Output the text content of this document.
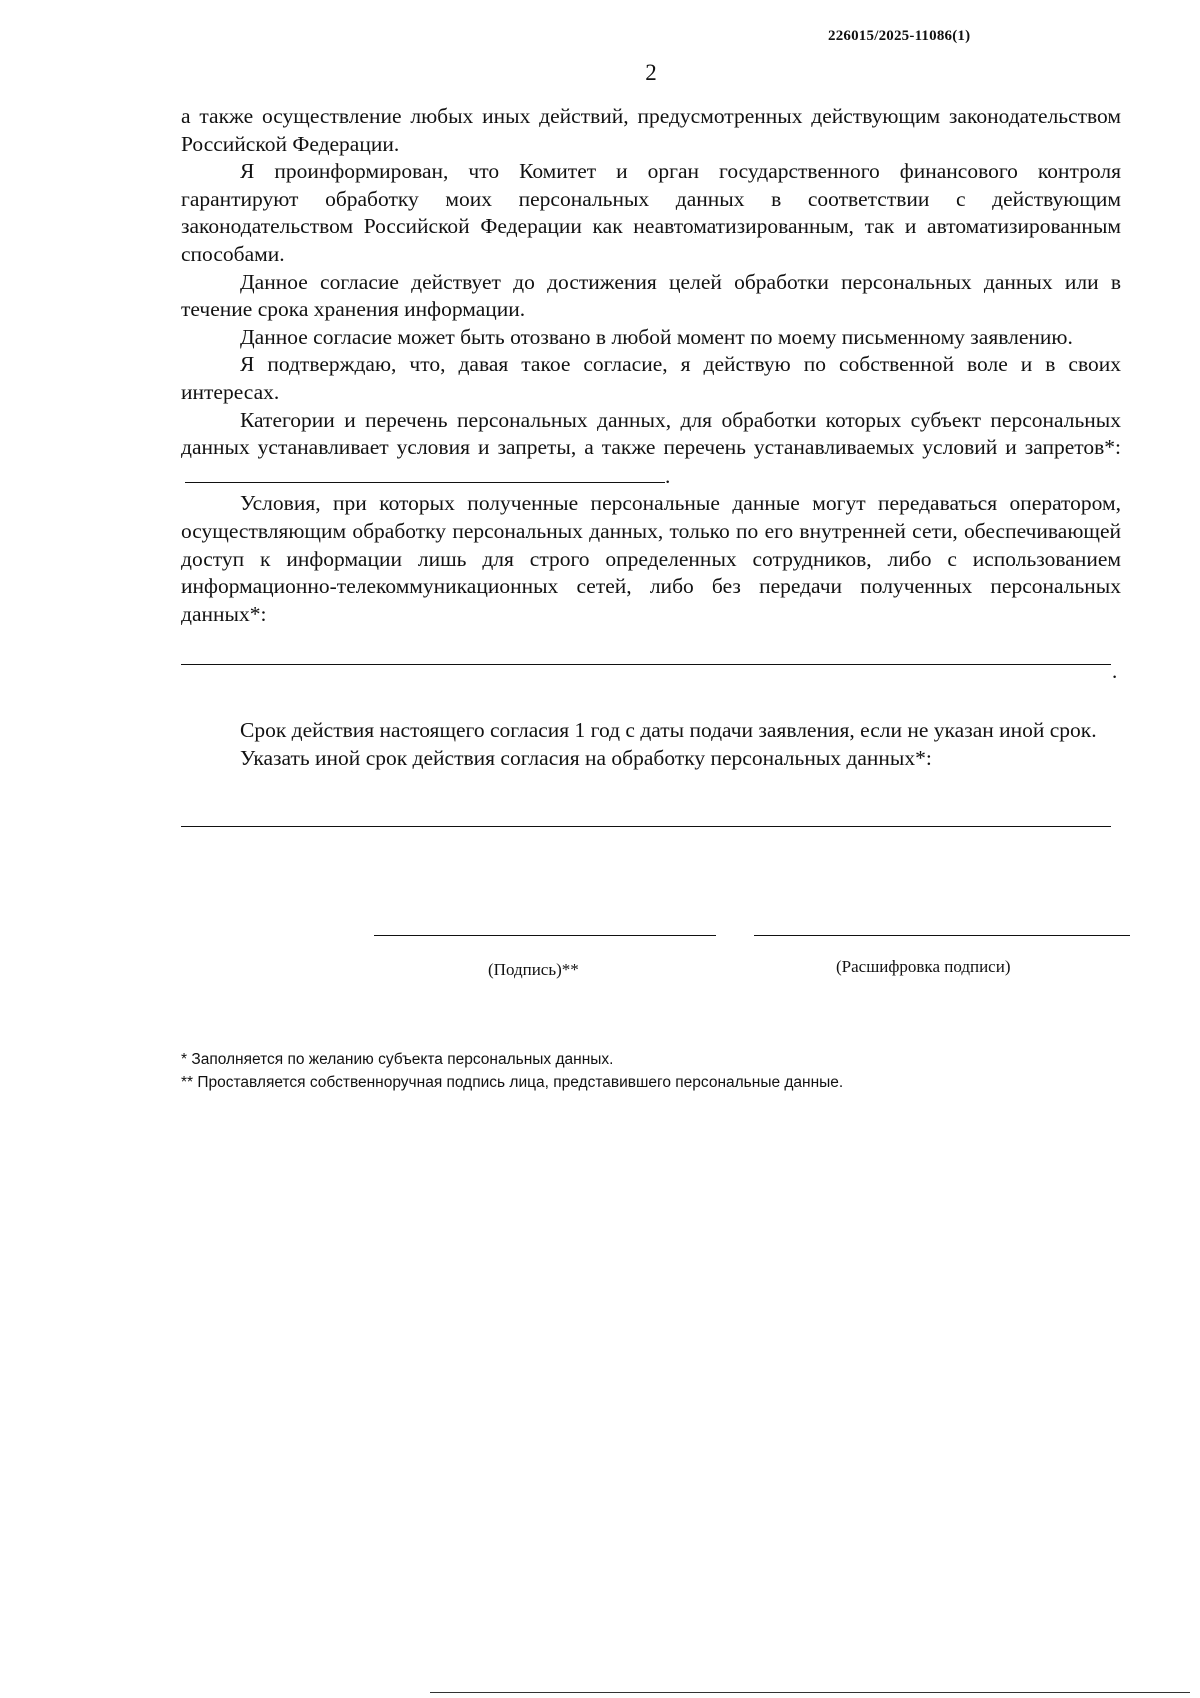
226015/2025-11086(1)
2

а также осуществление любых иных действий, предусмотренных действующим законодательством Российской Федерации.

Я проинформирован, что Комитет и орган государственного финансового контроля гарантируют обработку моих персональных данных в соответствии с действующим законодательством Российской Федерации как неавтоматизированным, так и автоматизированным способами.

Данное согласие действует до достижения целей обработки персональных данных или в течение срока хранения информации.

Данное согласие может быть отозвано в любой момент по моему письменному заявлению.

Я подтверждаю, что, давая такое согласие, я действую по собственной воле и в своих интересах.

Категории и перечень персональных данных, для обработки которых субъект персональных данных устанавливает условия и запреты, а также перечень устанавливаемых условий и запретов*:.

Условия, при которых полученные персональные данные могут передаваться оператором, осуществляющим обработку персональных данных, только по его внутренней сети, обеспечивающей доступ к информации лишь для строго определенных сотрудников, либо с использованием информационно-телекоммуникационных сетей, либо без передачи полученных персональных данных*:

.

Срок действия настоящего согласия 1 год с даты подачи заявления, если не указан иной срок.

Указать иной срок действия согласия на обработку персональных данных*:

(Подпись)**	(Расшифровка подписи)
* Заполняется по желанию субъекта персональных данных.
** Проставляется собственноручная подпись лица, представившего персональные данные.
